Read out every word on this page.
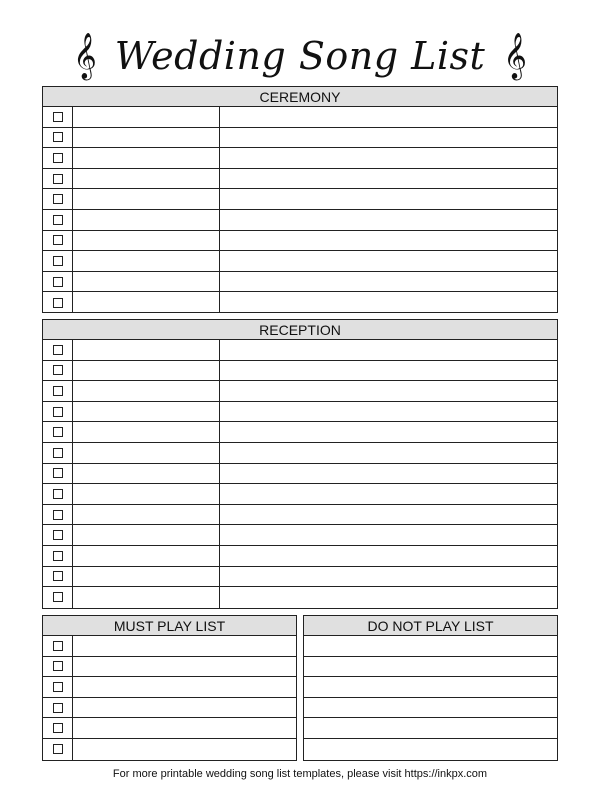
𝄞 Wedding Song List 𝄞
CEREMONY
RECEPTION
MUST PLAY LIST	DO NOT PLAY LIST
For more printable wedding song list templates, please visit https://inkpx.com
